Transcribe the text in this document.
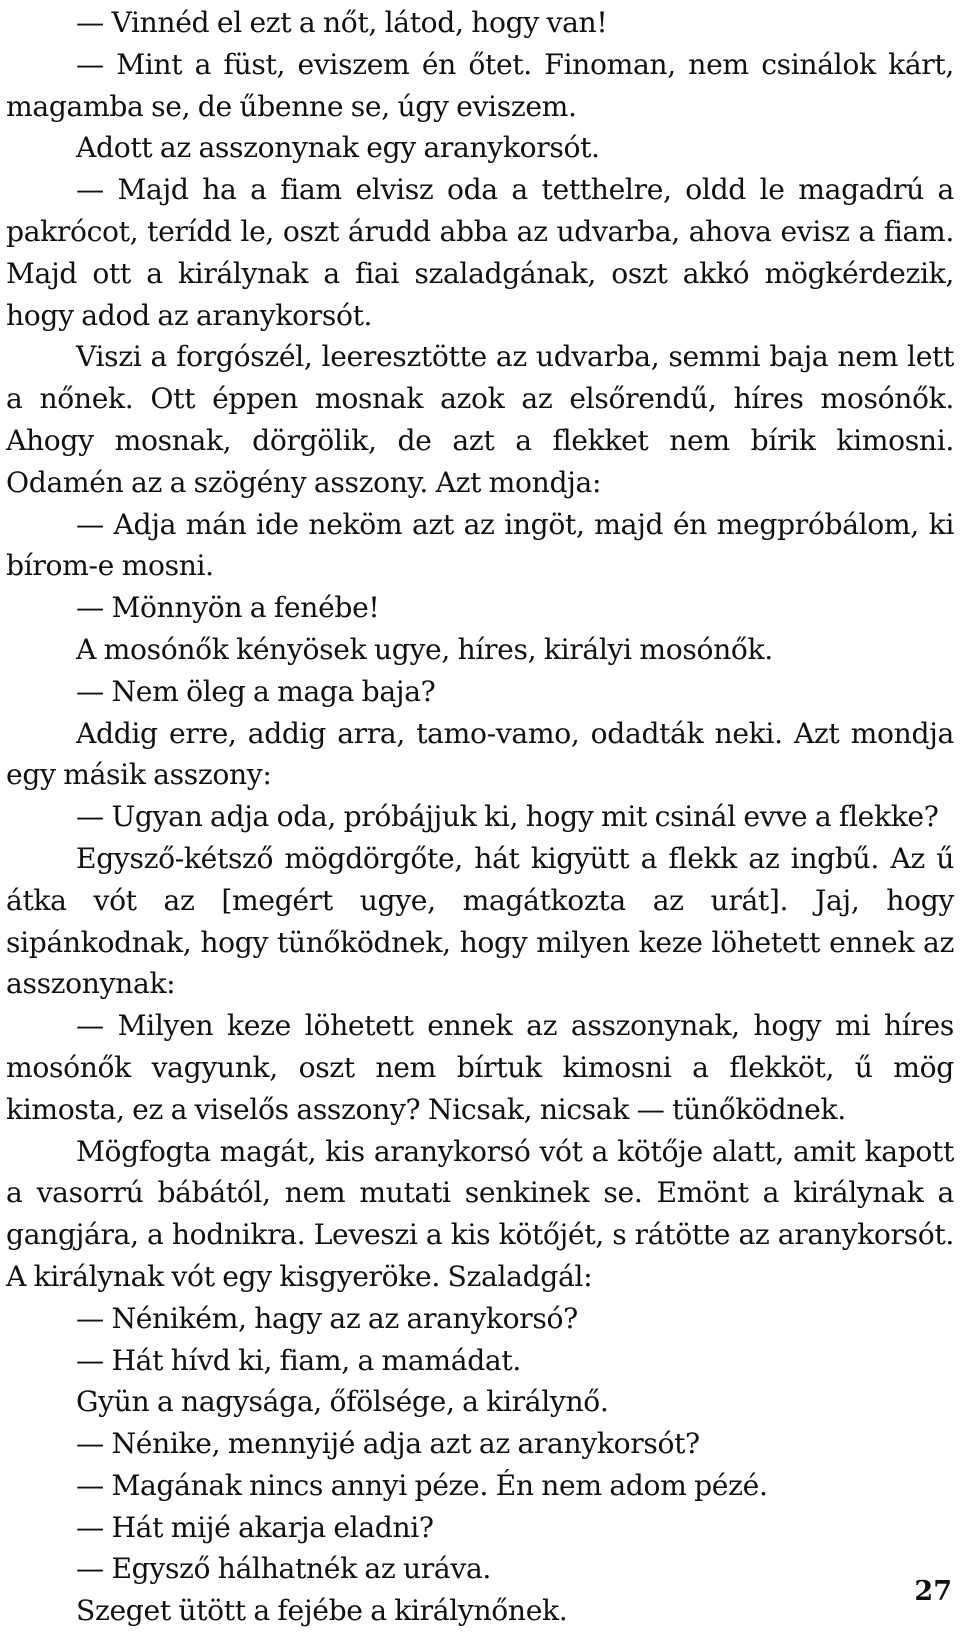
— Vinnéd el ezt a nőt, látod, hogy van!

— Mint a füst, eviszem én őtet. Finoman, nem csinálok kárt, magamba se, de űbenne se, úgy eviszem.

Adott az asszonynak egy aranykorsót.

— Majd ha a fiam elvisz oda a tetthelre, oldd le magadrú a pakrócot, terídd le, oszt árudd abba az udvarba, ahova evisz a fiam. Majd ott a királynak a fiai szaladgának, oszt akkó mögkérdezik, hogy adod az aranykorsót.

Viszi a forgószél, leeresztötte az udvarba, semmi baja nem lett a nőnek. Ott éppen mosnak azok az elsőrendű, híres mosónők. Ahogy mosnak, dörgölik, de azt a flekket nem bírik kimosni. Odamén az a szögény asszony. Azt mondja:

— Adja mán ide neköm azt az ingöt, majd én megpróbálom, ki bírom-e mosni.

— Mönnyön a fenébe!

A mosónők kényösek ugye, híres, királyi mosónők.

— Nem öleg a maga baja?

Addig erre, addig arra, tamo-vamo, odadták neki. Azt mondja egy másik asszony:

— Ugyan adja oda, próbájjuk ki, hogy mit csinál evve a flekke?

Egysző-kétsző mögdörgőte, hát kigyütt a flekk az ingbű. Az ű átka vót az [megért ugye, magátkozta az urát]. Jaj, hogy sipánkodnak, hogy tünőködnek, hogy milyen keze löhetett ennek az asszonynak:

— Milyen keze löhetett ennek az asszonynak, hogy mi híres mosónők vagyunk, oszt nem bírtuk kimosni a flekköt, ű mög kimosta, ez a viselős asszony? Nicsak, nicsak — tünőködnek.

Mögfogta magát, kis aranykorsó vót a kötője alatt, amit kapott a vasorrú bábától, nem mutati senkinek se. Emönt a királynak a gangjára, a hodnikra. Leveszi a kis kötőjét, s rátötte az aranykorsót. A királynak vót egy kisgyeröke. Szaladgál:

— Nénikém, hagy az az aranykorsó?

— Hát hívd ki, fiam, a mamádat.

Gyün a nagysága, őfölsége, a királynő.

— Nénike, mennyijé adja azt az aranykorsót?

— Magának nincs annyi péze. Én nem adom pézé.

— Hát mijé akarja eladni?

— Egysző hálhatnék az uráva.

Szeget ütött a fejébe a királynőnek.

27
